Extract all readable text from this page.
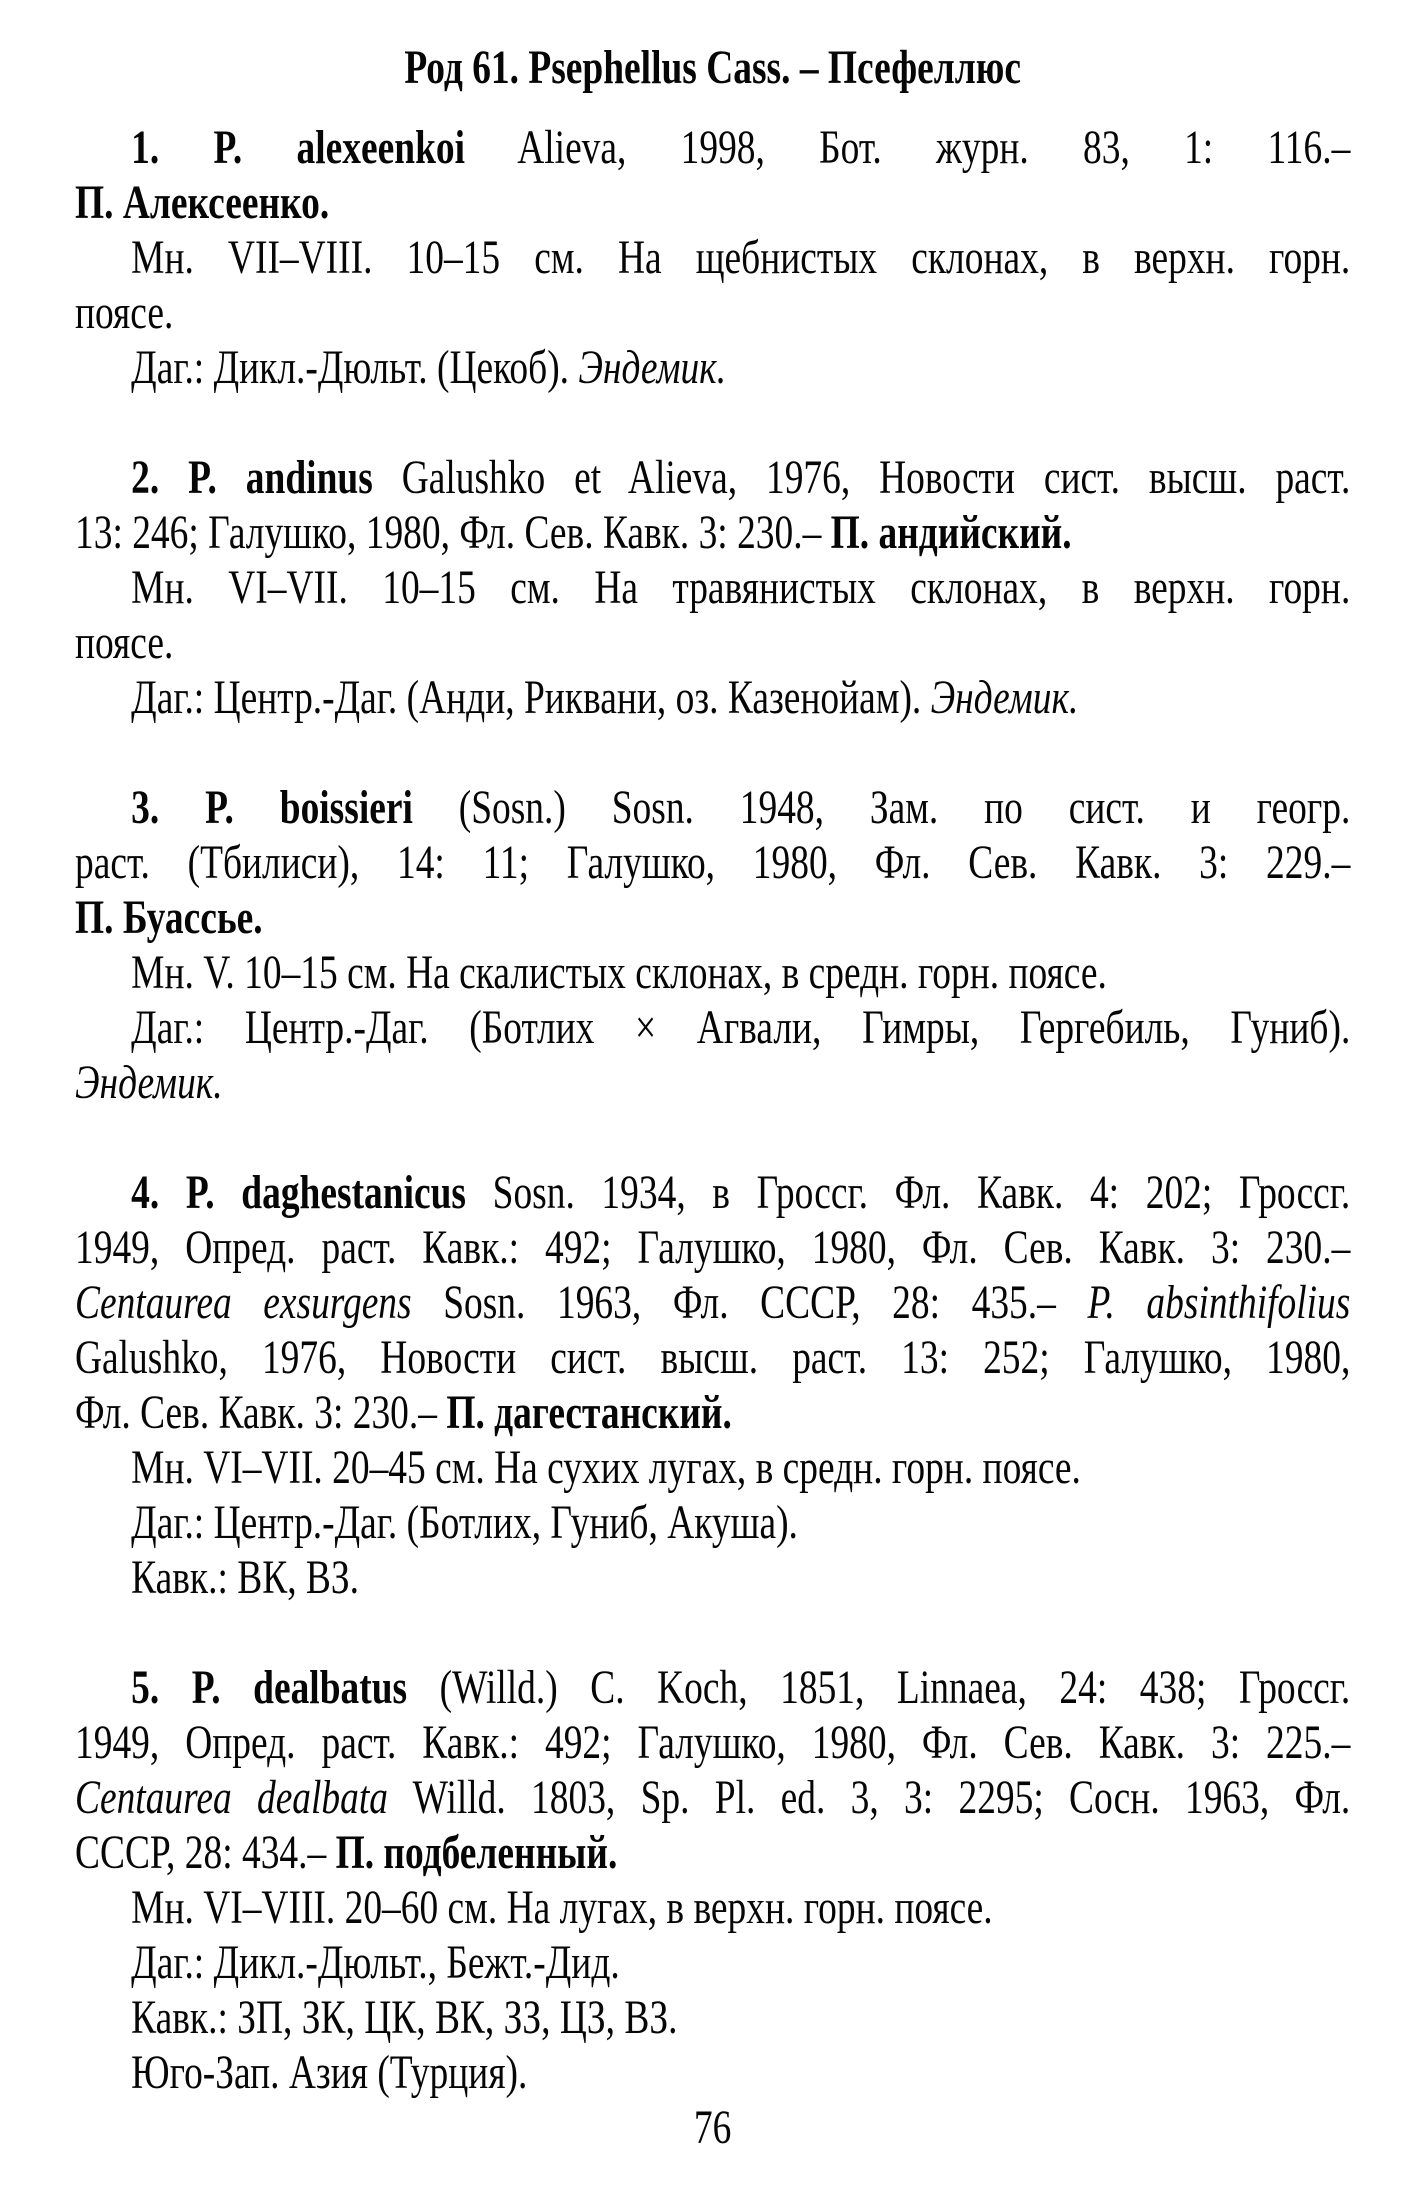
Род 61. Psephellus Cass. – Псефеллюс
1. P. alexeenkoi Alieva, 1998, Бот. журн. 83, 1: 116.–
П. Алексеенко.
Мн. VII–VIII. 10–15 см. На щебнистых склонах, в верхн. горн.
поясе.
Даг.: Дикл.-Дюльт. (Цекоб). Эндемик.
2. P. andinus Galushko et Alieva, 1976, Новости сист. высш. раст.
13: 246; Галушко, 1980, Фл. Сев. Кавк. 3: 230.– П. андийский.
Мн. VI–VII. 10–15 см. На травянистых склонах, в верхн. горн.
поясе.
Даг.: Центр.-Даг. (Анди, Риквани, оз. Казенойам). Эндемик.
3. P. boissieri (Sosn.) Sosn. 1948, Зам. по сист. и геогр.
раст. (Тбилиси), 14: 11; Галушко, 1980, Фл. Сев. Кавк. 3: 229.–
П. Буассье.
Мн. V. 10–15 см. На скалистых склонах, в средн. горн. поясе.
Даг.: Центр.-Даг. (Ботлих × Агвали, Гимры, Гергебиль, Гуниб).
Эндемик.
4. P. daghestanicus Sosn. 1934, в Гроссг. Фл. Кавк. 4: 202; Гроссг.
1949, Опред. раст. Кавк.: 492; Галушко, 1980, Фл. Сев. Кавк. 3: 230.–
Centaurea exsurgens Sosn. 1963, Фл. СССР, 28: 435.– P. absinthifolius
Galushko, 1976, Новости сист. высш. раст. 13: 252; Галушко, 1980,
Фл. Сев. Кавк. 3: 230.– П. дагестанский.
Мн. VI–VII. 20–45 см. На сухих лугах, в средн. горн. поясе.
Даг.: Центр.-Даг. (Ботлих, Гуниб, Акуша).
Кавк.: ВК, ВЗ.
5. P. dealbatus (Willd.) C. Koch, 1851, Linnaea, 24: 438; Гроссг.
1949, Опред. раст. Кавк.: 492; Галушко, 1980, Фл. Сев. Кавк. 3: 225.–
Centaurea dealbata Willd. 1803, Sp. Pl. ed. 3, 3: 2295; Сосн. 1963, Фл.
СССР, 28: 434.– П. подбеленный.
Мн. VI–VIII. 20–60 см. На лугах, в верхн. горн. поясе.
Даг.: Дикл.-Дюльт., Бежт.-Дид.
Кавк.: ЗП, ЗК, ЦК, ВК, ЗЗ, ЦЗ, ВЗ.
Юго-Зап. Азия (Турция).
76
